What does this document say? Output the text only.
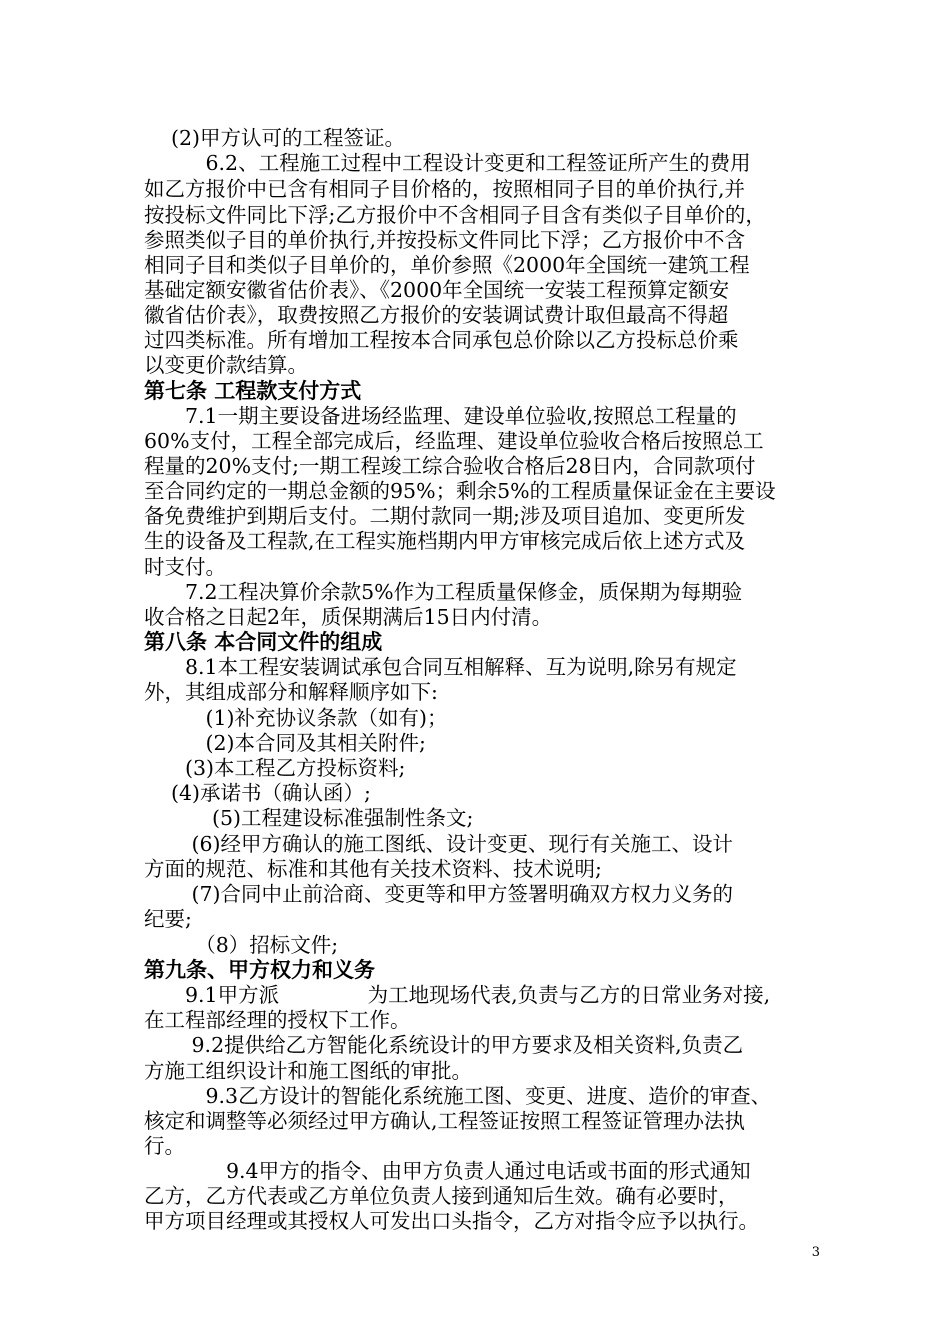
　 (2)甲方认可的工程签证。
　　　6.2、工程施工过程中工程设计变更和工程签证所产生的费用
如乙方报价中已含有相同子目价格的，按照相同子目的单价执行,并
按投标文件同比下浮;乙方报价中不含相同子目含有类似子目单价的，
参照类似子目的单价执行,并按投标文件同比下浮；乙方报价中不含
相同子目和类似子目单价的，单价参照《2000年全国统一建筑工程
基础定额安徽省估价表》、《2000年全国统一安装工程预算定额安
徽省估价表》，取费按照乙方报价的安装调试费计取但最高不得超
过四类标准。所有增加工程按本合同承包总价除以乙方投标总价乘
以变更价款结算。
第七条 工程款支付方式
　　7.1一期主要设备进场经监理、建设单位验收,按照总工程量的
60%支付，工程全部完成后，经监理、建设单位验收合格后按照总工
程量的20%支付;一期工程竣工综合验收合格后28日内，合同款项付
至合同约定的一期总金额的95%；剩余5%的工程质量保证金在主要设
备免费维护到期后支付。二期付款同一期;涉及项目追加、变更所发
生的设备及工程款,在工程实施档期内甲方审核完成后依上述方式及
时支付。
　　7.2工程决算价余款5%作为工程质量保修金，质保期为每期验
收合格之日起2年，质保期满后15日内付清。
第八条 本合同文件的组成
　　8.1本工程安装调试承包合同互相解释、互为说明,除另有规定
外，其组成部分和解释顺序如下:
　　　(1)补充协议条款（如有)；
　　　(2)本合同及其相关附件;
　　(3)本工程乙方投标资料;
　 (4)承诺书（确认函）;
　　　 (5)工程建设标准强制性条文;
　　 (6)经甲方确认的施工图纸、设计变更、现行有关施工、设计
方面的规范、标准和其他有关技术资料、技术说明;
　　 (7)合同中止前洽商、变更等和甲方签署明确双方权力义务的
纪要;
　　　（8）招标文件;
第九条、甲方权力和义务
　　9.1甲方派　　　　 为工地现场代表,负责与乙方的日常业务对接,
在工程部经理的授权下工作。
　　 9.2提供给乙方智能化系统设计的甲方要求及相关资料,负责乙
方施工组织设计和施工图纸的审批。
　　　9.3乙方设计的智能化系统施工图、变更、进度、造价的审查、
核定和调整等必须经过甲方确认,工程签证按照工程签证管理办法执
行。
　　　　9.4甲方的指令、由甲方负责人通过电话或书面的形式通知
乙方，乙方代表或乙方单位负责人接到通知后生效。确有必要时，
甲方项目经理或其授权人可发出口头指令，乙方对指令应予以执行。
3
